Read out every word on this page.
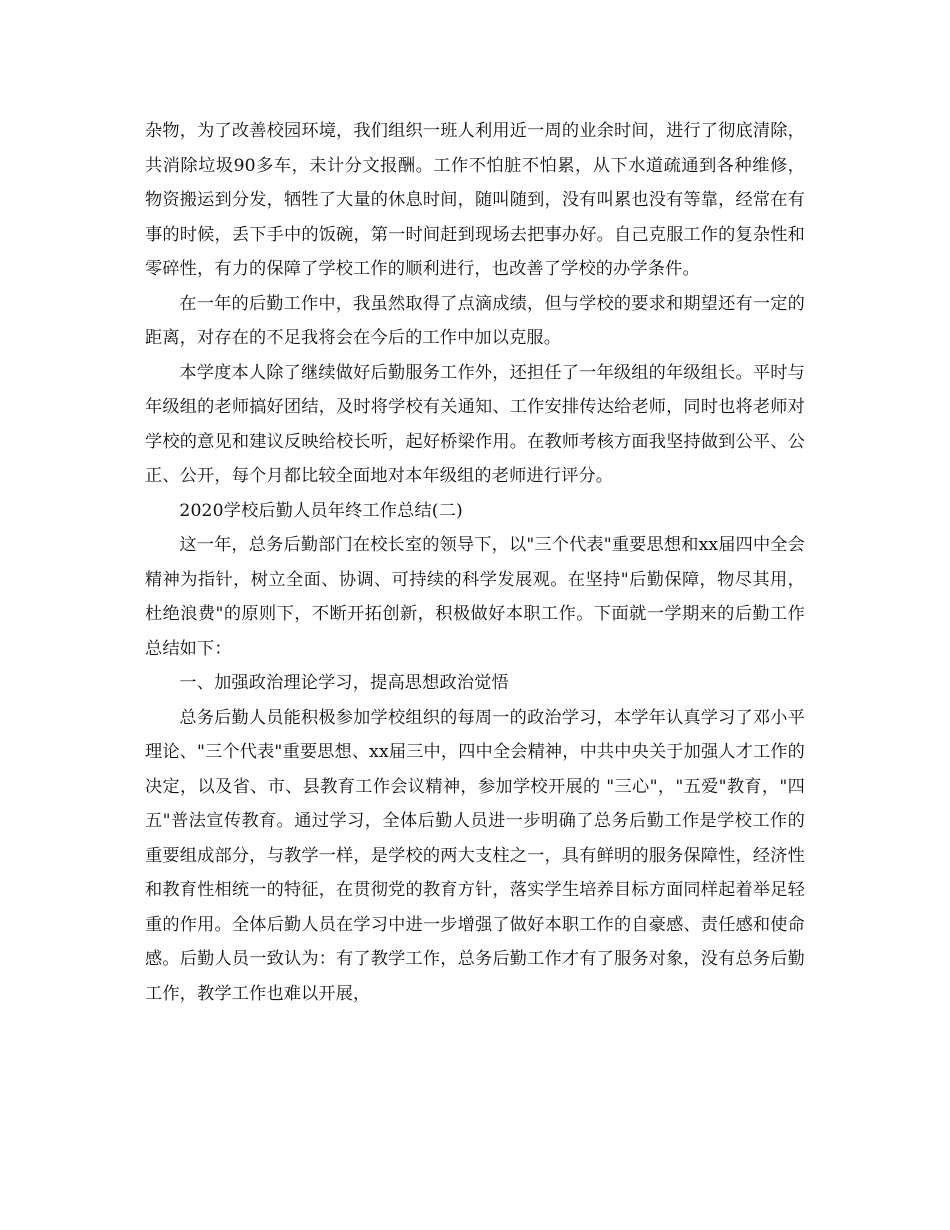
杂物，为了改善校园环境，我们组织一班人利用近一周的业余时间，进行了彻底清除，共消除垃圾90多车，未计分文报酬。工作不怕脏不怕累，从下水道疏通到各种维修，物资搬运到分发，牺牲了大量的休息时间，随叫随到，没有叫累也没有等靠，经常在有事的时候，丢下手中的饭碗，第一时间赶到现场去把事办好。自己克服工作的复杂性和零碎性，有力的保障了学校工作的顺利进行，也改善了学校的办学条件。

在一年的后勤工作中，我虽然取得了点滴成绩，但与学校的要求和期望还有一定的距离，对存在的不足我将会在今后的工作中加以克服。

本学度本人除了继续做好后勤服务工作外，还担任了一年级组的年级组长。平时与年级组的老师搞好团结，及时将学校有关通知、工作安排传达给老师，同时也将老师对学校的意见和建议反映给校长听，起好桥梁作用。在教师考核方面我坚持做到公平、公正、公开，每个月都比较全面地对本年级组的老师进行评分。

2020学校后勤人员年终工作总结(二)

这一年，总务后勤部门在校长室的领导下，以"三个代表"重要思想和xx届四中全会精神为指针，树立全面、协调、可持续的科学发展观。在坚持"后勤保障，物尽其用，杜绝浪费"的原则下，不断开拓创新，积极做好本职工作。下面就一学期来的后勤工作总结如下：

一、加强政治理论学习，提高思想政治觉悟

总务后勤人员能积极参加学校组织的每周一的政治学习，本学年认真学习了邓小平理论、"三个代表"重要思想、xx届三中，四中全会精神，中共中央关于加强人才工作的决定，以及省、市、县教育工作会议精神，参加学校开展的 "三心"，"五爱"教育，"四五"普法宣传教育。通过学习，全体后勤人员进一步明确了总务后勤工作是学校工作的重要组成部分，与教学一样，是学校的两大支柱之一，具有鲜明的服务保障性，经济性和教育性相统一的特征，在贯彻党的教育方针，落实学生培养目标方面同样起着举足轻重的作用。全体后勤人员在学习中进一步增强了做好本职工作的自豪感、责任感和使命感。后勤人员一致认为：有了教学工作，总务后勤工作才有了服务对象，没有总务后勤工作，教学工作也难以开展，
